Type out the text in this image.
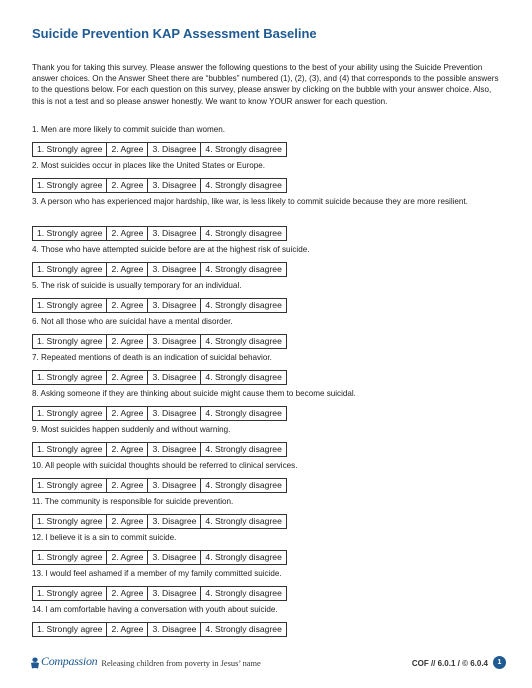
Suicide Prevention KAP Assessment Baseline

Thank you for taking this survey. Please answer the following questions to the best of your ability using the Suicide Prevention answer choices. On the Answer Sheet there are “bubbles” numbered (1), (2), (3), and (4) that corresponds to the possible answers to the questions below. For each question on this survey, please answer by clicking on the bubble with your answer choice. Also, this is not a test and so please answer honestly. We want to know YOUR answer for each question.

1. Men are more likely to commit suicide than women.

1. Strongly agree	2. Agree	3. Disagree	4. Strongly disagree

2. Most suicides occur in places like the United States or Europe.

1. Strongly agree	2. Agree	3. Disagree	4. Strongly disagree

3. A person who has experienced major hardship, like war, is less likely to commit suicide because they are more resilient.

1. Strongly agree	2. Agree	3. Disagree	4. Strongly disagree

4. Those who have attempted suicide before are at the highest risk of suicide.

1. Strongly agree	2. Agree	3. Disagree	4. Strongly disagree

5. The risk of suicide is usually temporary for an individual.

1. Strongly agree	2. Agree	3. Disagree	4. Strongly disagree

6. Not all those who are suicidal have a mental disorder.

1. Strongly agree	2. Agree	3. Disagree	4. Strongly disagree

7. Repeated mentions of death is an indication of suicidal behavior.

1. Strongly agree	2. Agree	3. Disagree	4. Strongly disagree

8. Asking someone if they are thinking about suicide might cause them to become suicidal.

1. Strongly agree	2. Agree	3. Disagree	4. Strongly disagree

9. Most suicides happen suddenly and without warning.

1. Strongly agree	2. Agree	3. Disagree	4. Strongly disagree

10. All people with suicidal thoughts should be referred to clinical services.

1. Strongly agree	2. Agree	3. Disagree	4. Strongly disagree

11. The community is responsible for suicide prevention.

1. Strongly agree	2. Agree	3. Disagree	4. Strongly disagree

12. I believe it is a sin to commit suicide.

1. Strongly agree	2. Agree	3. Disagree	4. Strongly disagree

13. I would feel ashamed if a member of my family committed suicide.

1. Strongly agree	2. Agree	3. Disagree	4. Strongly disagree

14. I am comfortable having a conversation with youth about suicide.

1. Strongly agree	2. Agree	3. Disagree	4. Strongly disagree
Compassion Releasing children from poverty in Jesus’ name	COF // 6.0.1 / © 6.0.4	1
